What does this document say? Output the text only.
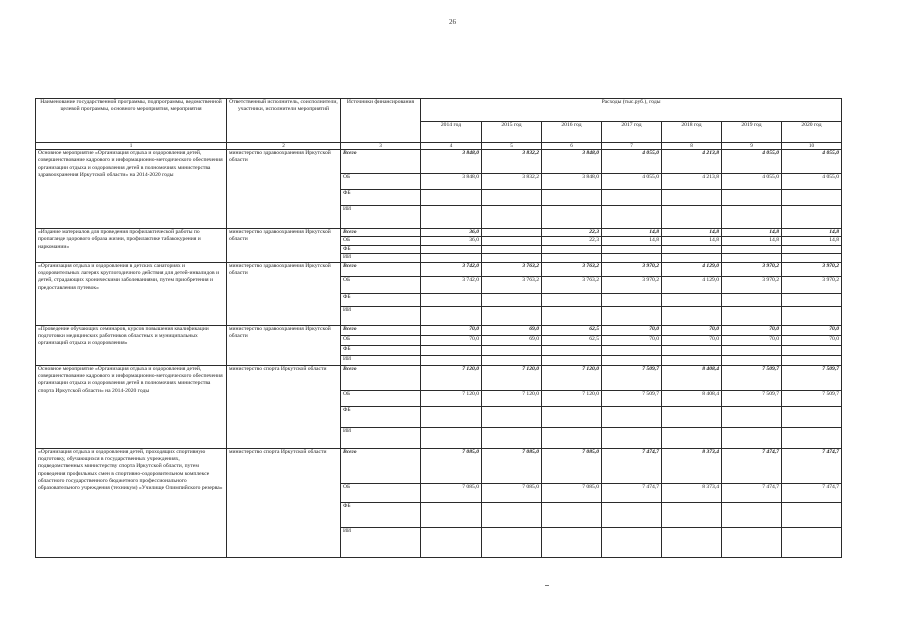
26
Наименование государственной программы, подпрограммы, ведомственной целевой программы, основного мероприятия, мероприятия	Ответственный исполнитель, соисполнители, участники, исполнители мероприятий	Источники финансирования	Расходы (тыс.руб.), годы						
			2014 год	2015 год	2016 год	2017 год	2018 год	2019 год	2020 год
1	2	3	4	5	6	7	8	9	10
Основное мероприятие «Организация отдыха и оздоровления детей, совершенствование кадрового и информационно-методического обеспечения организации отдыха и оздоровления детей в полномочиях министерства здравоохранения Иркутской области» на 2014-2020 годы	министерство здравоохранения Иркутской области	Всего	3 848,0	3 832,2	3 848,0	4 055,0	4 213,8	4 055,0	4 055,0
		ОБ	3 848,0	3 832,2	3 848,0	4 055,0	4 213,8	4 055,0	4 055,0
		ФБ							
		ИИ							
«Издание материалов для проведения профилактической работы по пропаганде здорового образа жизни, профилактике табакокурения и наркомании»	министерство здравоохранения Иркутской области	Всего	36,0		22,3	14,8	14,8	14,8	14,8
		ОБ	36,0		22,3	14,8	14,8	14,8	14,8
		ФБ							
		ИИ							
«Организация отдыха и оздоровления в детских санаториях и оздоровительных лагерях круглогодичного действия для детей-инвалидов и детей, страдающих хроническими заболеваниями, путем приобретения и предоставления путевок»	министерство здравоохранения Иркутской области	Всего	3 742,0	3 763,2	3 763,2	3 970,2	4 129,0	3 970,2	3 970,2
		ОБ	3 742,0	3 763,2	3 763,2	3 970,2	4 129,0	3 970,2	3 970,2
		ФБ							
		ИИ							
«Проведение обучающих семинаров, курсов повышения квалификации подготовки медицинских работников областных и муниципальных организаций отдыха и оздоровления»	министерство здравоохранения Иркутской области	Всего	70,0	69,0	62,5	70,0	70,0	70,0	70,0
		ОБ	70,0	69,0	62,5	70,0	70,0	70,0	70,0
		ФБ							
		ИИ							
Основное мероприятие «Организация отдыха и оздоровления детей, совершенствование кадрового и информационно-методического обеспечения организации отдыха и оздоровления детей в полномочиях министерства спорта Иркутской области» на 2014-2020 годы	министерство спорта Иркутской области	Всего	7 120,0	7 120,0	7 120,0	7 509,7	8 408,4	7 509,7	7 509,7
		ОБ	7 120,0	7 120,0	7 120,0	7 509,7	8 408,4	7 509,7	7 509,7
		ФБ							
		ИИ							
«Организация отдыха и оздоровления детей, проходящих спортивную подготовку, обучающихся в государственных учреждениях, подведомственных министерству спорта Иркутской области, путем проведения профильных смен в спортивно-оздоровительном комплексе областного государственного бюджетного профессионального образовательного учреждения (техникум) «Училище Олимпийского резерва»	министерство спорта Иркутской области	Всего	7 085,0	7 085,0	7 085,0	7 474,7	8 373,4	7 474,7	7 474,7
		ОБ	7 085,0	7 085,0	7 085,0	7 474,7	8 373,4	7 474,7	7 474,7
		ФБ							
		ИИ							
